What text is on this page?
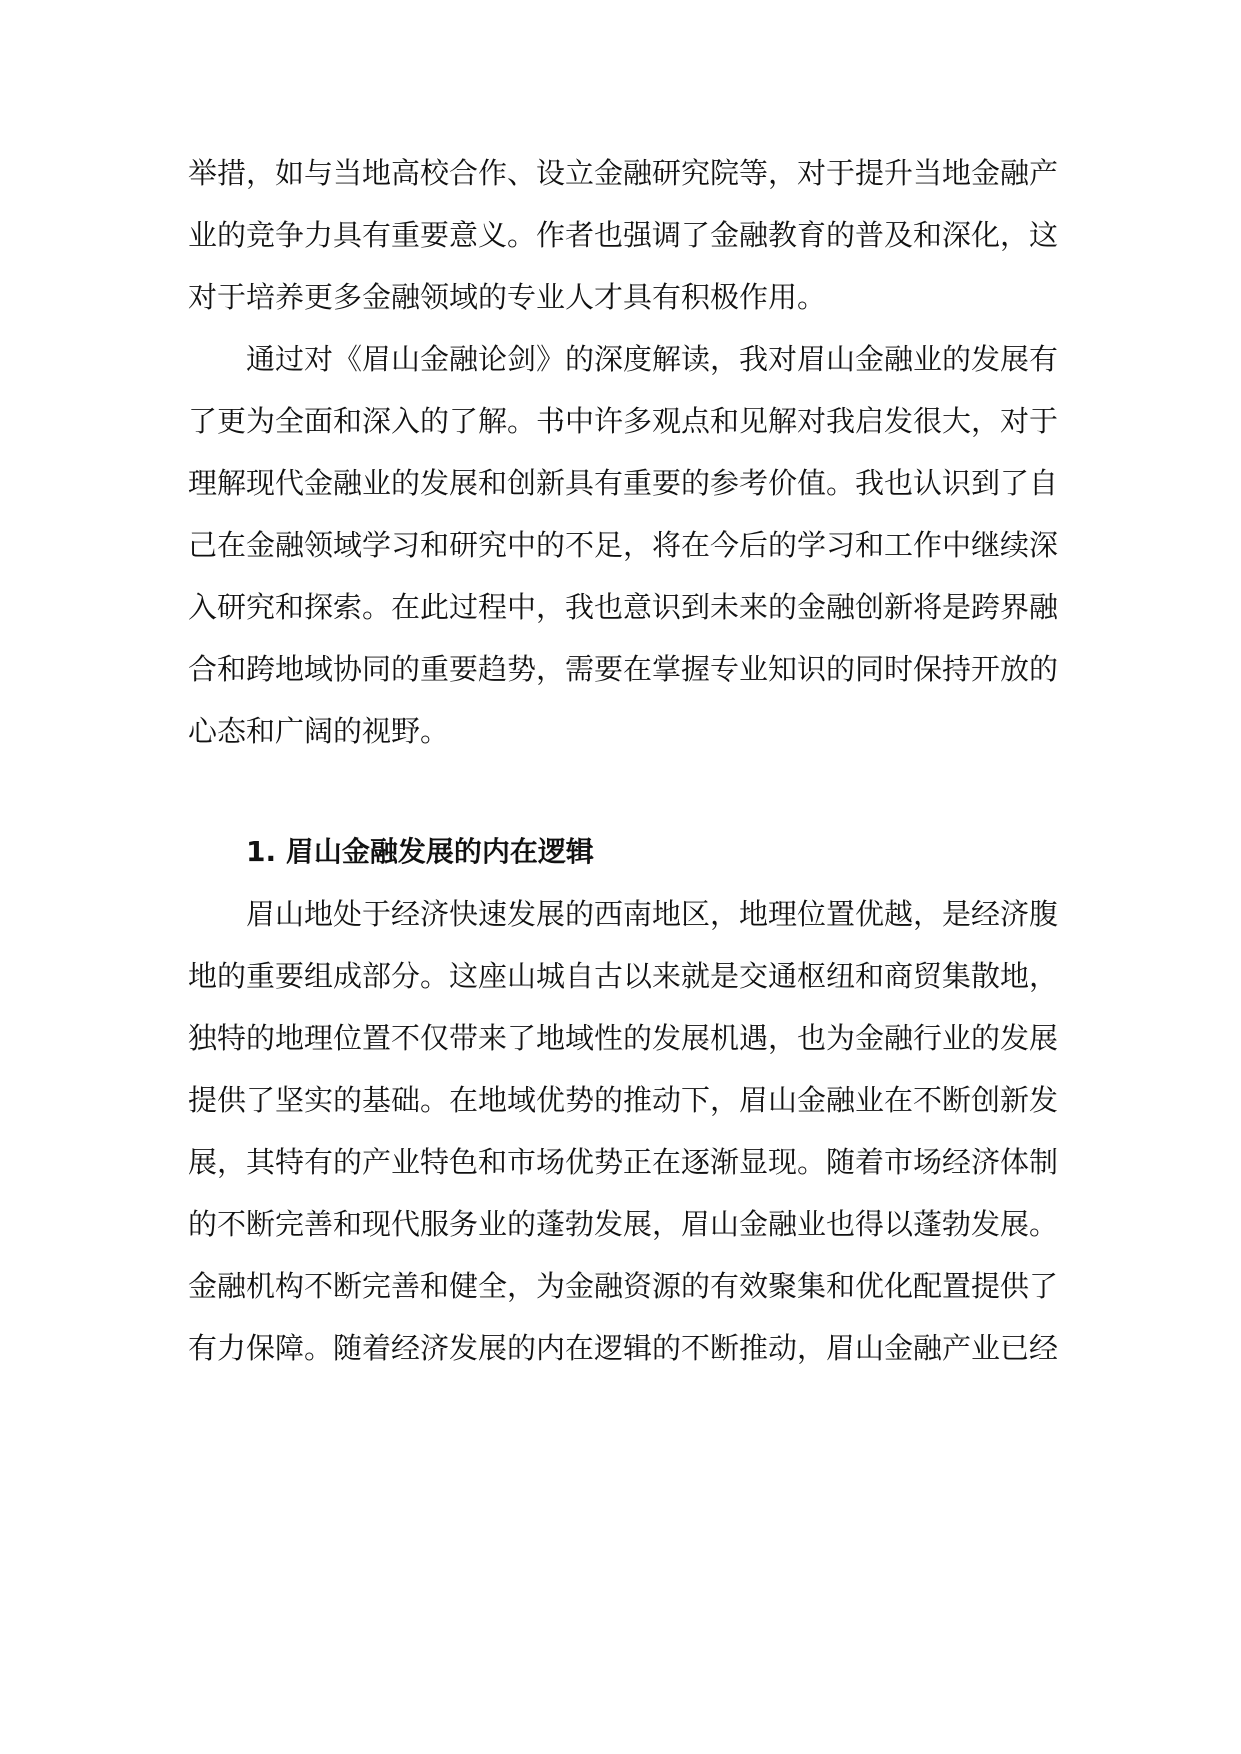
举措，如与当地高校合作、设立金融研究院等，对于提升当地金融产
业的竞争力具有重要意义。作者也强调了金融教育的普及和深化，这
对于培养更多金融领域的专业人才具有积极作用。
通过对《眉山金融论剑》的深度解读，我对眉山金融业的发展有
了更为全面和深入的了解。书中许多观点和见解对我启发很大，对于
理解现代金融业的发展和创新具有重要的参考价值。我也认识到了自
己在金融领域学习和研究中的不足，将在今后的学习和工作中继续深
入研究和探索。在此过程中，我也意识到未来的金融创新将是跨界融
合和跨地域协同的重要趋势，需要在掌握专业知识的同时保持开放的
心态和广阔的视野。
1. 眉山金融发展的内在逻辑
眉山地处于经济快速发展的西南地区，地理位置优越，是经济腹
地的重要组成部分。这座山城自古以来就是交通枢纽和商贸集散地，
独特的地理位置不仅带来了地域性的发展机遇，也为金融行业的发展
提供了坚实的基础。在地域优势的推动下，眉山金融业在不断创新发
展，其特有的产业特色和市场优势正在逐渐显现。随着市场经济体制
的不断完善和现代服务业的蓬勃发展，眉山金融业也得以蓬勃发展。
金融机构不断完善和健全，为金融资源的有效聚集和优化配置提供了
有力保障。随着经济发展的内在逻辑的不断推动，眉山金融产业已经
